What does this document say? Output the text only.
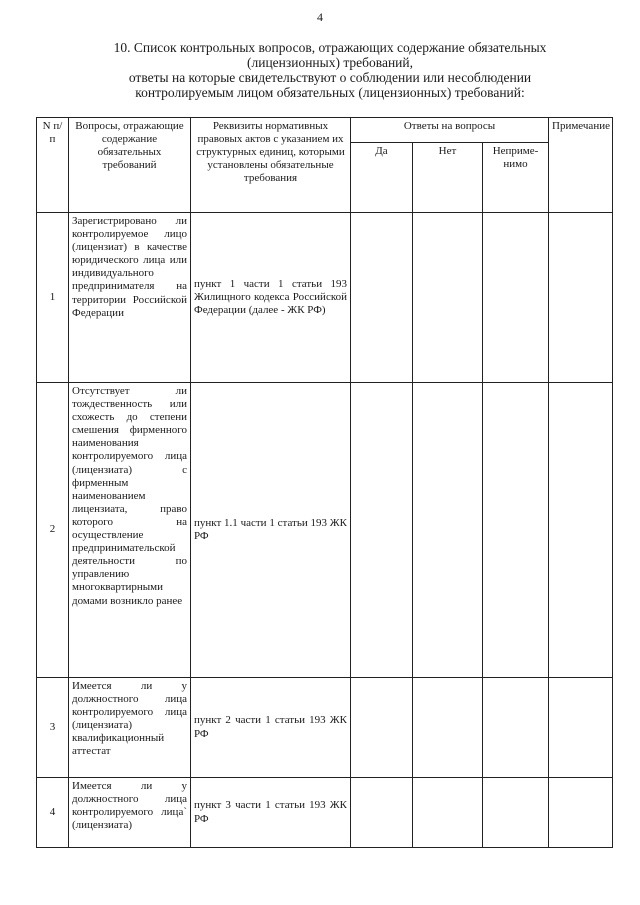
4
10. Список контрольных вопросов, отражающих содержание обязательных
(лицензионных) требований,
ответы на которые свидетельствуют о соблюдении или несоблюдении
контролируемым лицом обязательных (лицензионных) требований:
N п/п	Вопросы, отражающие содержание обязательных требований	Реквизиты нормативных правовых актов с указанием их структурных единиц, которыми установлены обязательные требования	Ответы на вопросы			Примечание
			Да	Нет	Неприме-нимо	
1	Зарегистрировано ли контролируемое лицо (лицензиат) в качестве юридического лица или индивидуального предпринимателя на территории Российской Федерации	пункт 1 части 1 статьи 193 Жилищного кодекса Российской Федерации (далее - ЖК РФ)				
2	Отсутствует ли тождественность или схожесть до степени смешения фирменного наименования контролируемого лица (лицензиата) с фирменным наименованием лицензиата, право которого на осуществление предпринимательской деятельности по управлению многоквартирными домами возникло ранее	пункт 1.1 части 1 статьи 193 ЖК РФ				
3	Имеется ли у должностного лица контролируемого лица (лицензиата) квалификационный аттестат	пункт 2 части 1 статьи 193 ЖК РФ				
4	Имеется ли у должностного лица контролируемого лица` (лицензиата)	пункт 3 части 1 статьи 193 ЖК РФ				
